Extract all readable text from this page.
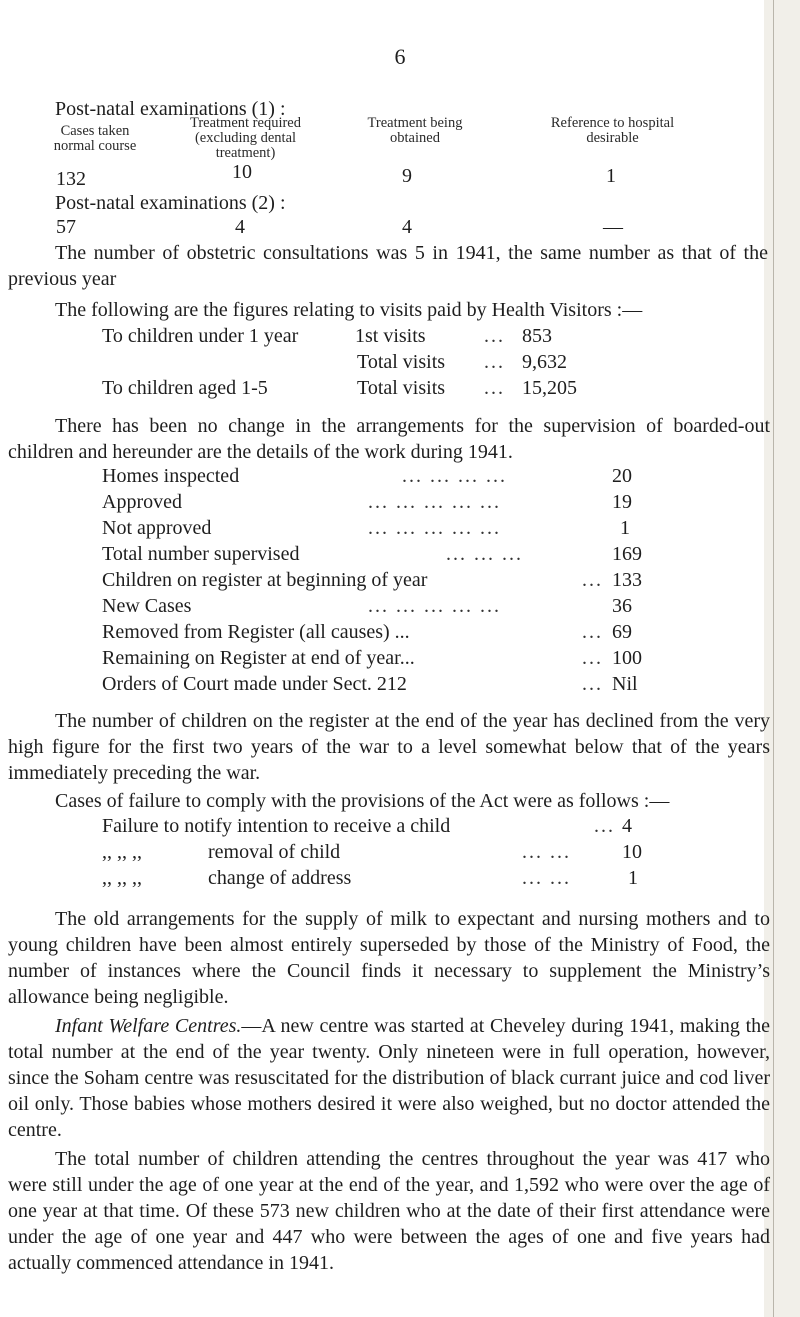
6
Post-natal examinations (1) :
Cases taken normal course
Treatment required (excluding dental treatment)
Treatment being obtained
Reference to hospital desirable
132	10	9	1
Post-natal examinations (2) :
57	4	4	—

The number of obstetric consultations was 5 in 1941, the same number as that of the previous year

The following are the figures relating to visits paid by Health Visitors :—

To children under 1 year	1st visits	... 853
Total visits ... 9,632
To children aged 1-5	Total visits ... 15,205

There has been no change in the arrangements for the supervision of boarded-out children and hereunder are the details of the work during 1941.

Homes inspected	... ... ... ...	20
Approved	... ... ... ... ...	19
Not approved	... ... ... ... ...	1
Total number supervised	... ... ...	169
Children on register at beginning of year	... 133
New Cases	... ... ... ... ...	36
Removed from Register (all causes) ...	... 69
Remaining on Register at end of year...	... 100
Orders of Court made under Sect. 212	... Nil

The number of children on the register at the end of the year has declined from the very high figure for the first two years of the war to a level somewhat below that of the years immediately preceding the war.

Cases of failure to comply with the provisions of the Act were as follows :—

Failure to notify intention to receive a child	... 4
,, ,, ,,	removal of child	... ...	10
,, ,, ,,	change of address	... ...	1

The old arrangements for the supply of milk to expectant and nursing mothers and to young children have been almost entirely superseded by those of the Ministry of Food, the number of instances where the Council finds it necessary to supplement the Ministry’s allowance being negligible.

Infant Welfare Centres.—A new centre was started at Cheveley during 1941, making the total number at the end of the year twenty. Only nineteen were in full operation, however, since the Soham centre was resuscitated for the distribution of black currant juice and cod liver oil only. Those babies whose mothers desired it were also weighed, but no doctor attended the centre.

The total number of children attending the centres throughout the year was 417 who were still under the age of one year at the end of the year, and 1,592 who were over the age of one year at that time. Of these 573 new children who at the date of their first attendance were under the age of one year and 447 who were between the ages of one and five years had actually commenced attendance in 1941.
